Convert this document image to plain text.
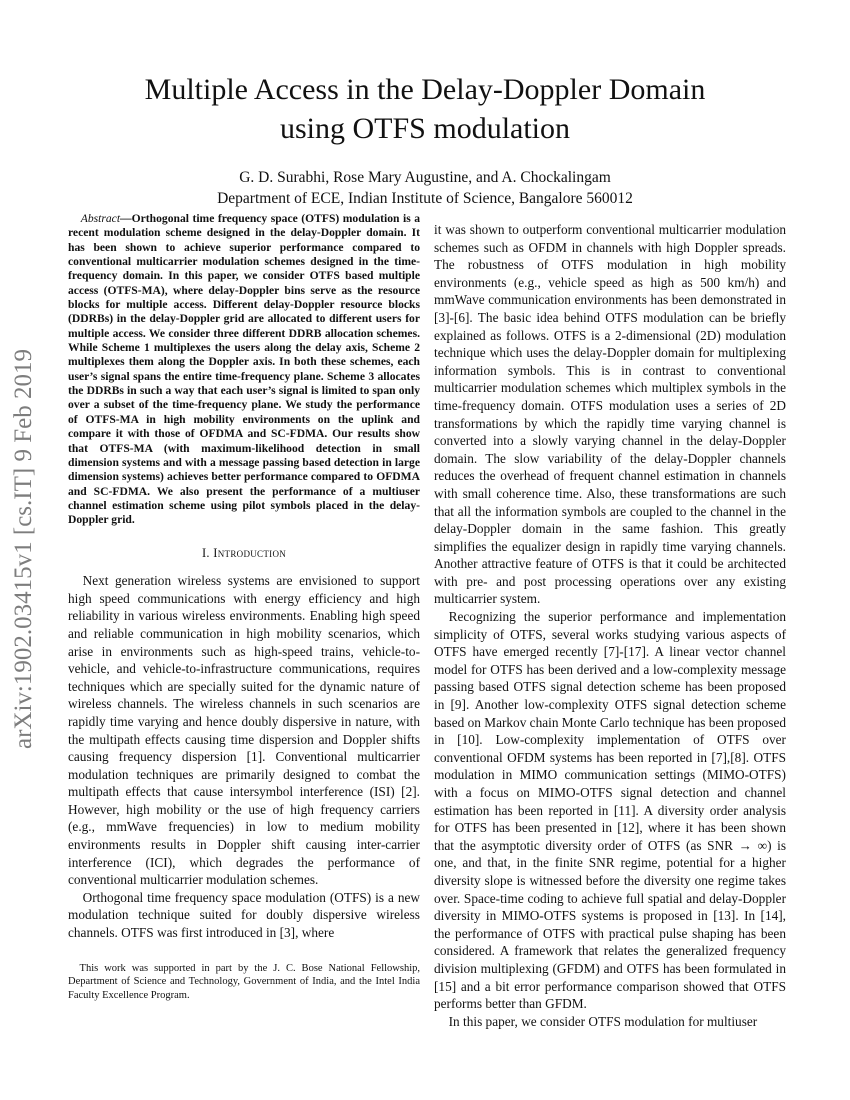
arXiv:1902.03415v1 [cs.IT] 9 Feb 2019
Multiple Access in the Delay-Doppler Domain
using OTFS modulation
G. D. Surabhi, Rose Mary Augustine, and A. Chockalingam
Department of ECE, Indian Institute of Science, Bangalore 560012

Abstract—Orthogonal time frequency space (OTFS) modulation is a recent modulation scheme designed in the delay-Doppler domain. It has been shown to achieve superior performance compared to conventional multicarrier modulation schemes designed in the time-frequency domain. In this paper, we consider OTFS based multiple access (OTFS-MA), where delay-Doppler bins serve as the resource blocks for multiple access. Different delay-Doppler resource blocks (DDRBs) in the delay-Doppler grid are allocated to different users for multiple access. We consider three different DDRB allocation schemes. While Scheme 1 multiplexes the users along the delay axis, Scheme 2 multiplexes them along the Doppler axis. In both these schemes, each user’s signal spans the entire time-frequency plane. Scheme 3 allocates the DDRBs in such a way that each user’s signal is limited to span only over a subset of the time-frequency plane. We study the performance of OTFS-MA in high mobility environments on the uplink and compare it with those of OFDMA and SC-FDMA. Our results show that OTFS-MA (with maximum-likelihood detection in small dimension systems and with a message passing based detection in large dimension systems) achieves better performance compared to OFDMA and SC-FDMA. We also present the performance of a multiuser channel estimation scheme using pilot symbols placed in the delay-Doppler grid.

I. Introduction

Next generation wireless systems are envisioned to support high speed communications with energy efficiency and high reliability in various wireless environments. Enabling high speed and reliable communication in high mobility scenarios, which arise in environments such as high-speed trains, vehicle-to-vehicle, and vehicle-to-infrastructure communications, requires techniques which are specially suited for the dynamic nature of wireless channels. The wireless channels in such scenarios are rapidly time varying and hence doubly dispersive in nature, with the multipath effects causing time dispersion and Doppler shifts causing frequency dispersion [1]. Conventional multicarrier modulation techniques are primarily designed to combat the multipath effects that cause intersymbol interference (ISI) [2]. However, high mobility or the use of high frequency carriers (e.g., mmWave frequencies) in low to medium mobility environments results in Doppler shift causing inter-carrier interference (ICI), which degrades the performance of conventional multicarrier modulation schemes.

Orthogonal time frequency space modulation (OTFS) is a new modulation technique suited for doubly dispersive wireless channels. OTFS was first introduced in [3], where

This work was supported in part by the J. C. Bose National Fellowship, Department of Science and Technology, Government of India, and the Intel India Faculty Excellence Program.

it was shown to outperform conventional multicarrier modulation schemes such as OFDM in channels with high Doppler spreads. The robustness of OTFS modulation in high mobility environments (e.g., vehicle speed as high as 500 km/h) and mmWave communication environments has been demonstrated in [3]-[6]. The basic idea behind OTFS modulation can be briefly explained as follows. OTFS is a 2-dimensional (2D) modulation technique which uses the delay-Doppler domain for multiplexing information symbols. This is in contrast to conventional multicarrier modulation schemes which multiplex symbols in the time-frequency domain. OTFS modulation uses a series of 2D transformations by which the rapidly time varying channel is converted into a slowly varying channel in the delay-Doppler domain. The slow variability of the delay-Doppler channels reduces the overhead of frequent channel estimation in channels with small coherence time. Also, these transformations are such that all the information symbols are coupled to the channel in the delay-Doppler domain in the same fashion. This greatly simplifies the equalizer design in rapidly time varying channels. Another attractive feature of OTFS is that it could be architected with pre- and post processing operations over any existing multicarrier system.

Recognizing the superior performance and implementation simplicity of OTFS, several works studying various aspects of OTFS have emerged recently [7]-[17]. A linear vector channel model for OTFS has been derived and a low-complexity message passing based OTFS signal detection scheme has been proposed in [9]. Another low-complexity OTFS signal detection scheme based on Markov chain Monte Carlo technique has been proposed in [10]. Low-complexity implementation of OTFS over conventional OFDM systems has been reported in [7],[8]. OTFS modulation in MIMO communication settings (MIMO-OTFS) with a focus on MIMO-OTFS signal detection and channel estimation has been reported in [11]. A diversity order analysis for OTFS has been presented in [12], where it has been shown that the asymptotic diversity order of OTFS (as SNR → ∞) is one, and that, in the finite SNR regime, potential for a higher diversity slope is witnessed before the diversity one regime takes over. Space-time coding to achieve full spatial and delay-Doppler diversity in MIMO-OTFS systems is proposed in [13]. In [14], the performance of OTFS with practical pulse shaping has been considered. A framework that relates the generalized frequency division multiplexing (GFDM) and OTFS has been formulated in [15] and a bit error performance comparison showed that OTFS performs better than GFDM.

In this paper, we consider OTFS modulation for multiuser
